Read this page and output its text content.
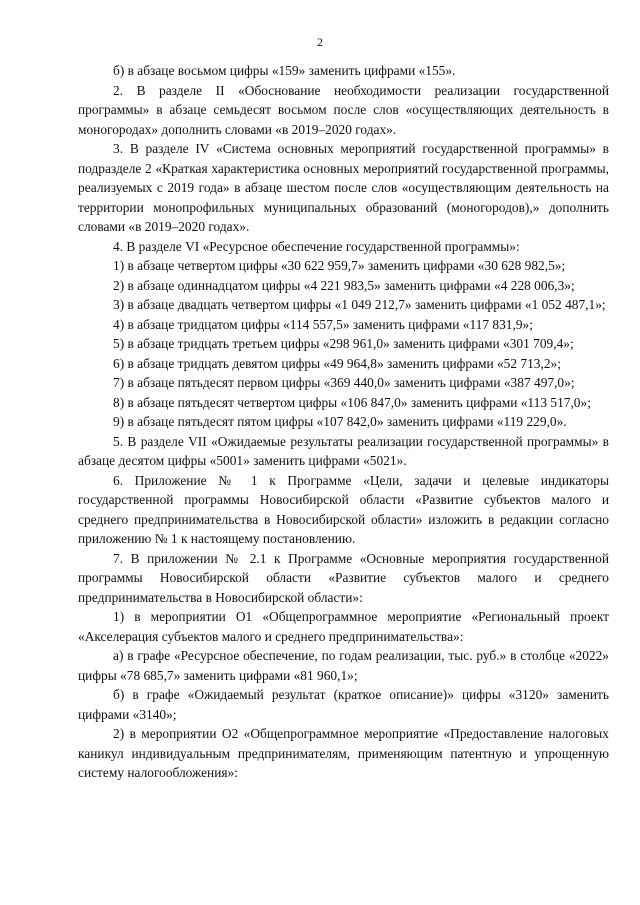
2

б) в абзаце восьмом цифры «159» заменить цифрами «155».

2. В разделе II «Обоснование необходимости реализации государственной программы» в абзаце семьдесят восьмом после слов «осуществляющих деятельность в моногородах» дополнить словами «в 2019–2020 годах».

3. В разделе IV «Система основных мероприятий государственной программы» в подразделе 2 «Краткая характеристика основных мероприятий государственной программы, реализуемых с 2019 года» в абзаце шестом после слов «осуществляющим деятельность на территории монопрофильных муниципальных образований (моногородов),» дополнить словами «в 2019–2020 годах».

4. В разделе VI «Ресурсное обеспечение государственной программы»:

1) в абзаце четвертом цифры «30 622 959,7» заменить цифрами «30 628 982,5»;

2) в абзаце одиннадцатом цифры «4 221 983,5» заменить цифрами «4 228 006,3»;

3) в абзаце двадцать четвертом цифры «1 049 212,7» заменить цифрами «1 052 487,1»;

4) в абзаце тридцатом цифры «114 557,5» заменить цифрами «117 831,9»;

5) в абзаце тридцать третьем цифры «298 961,0» заменить цифрами «301 709,4»;

6) в абзаце тридцать девятом цифры «49 964,8» заменить цифрами «52 713,2»;

7) в абзаце пятьдесят первом цифры «369 440,0» заменить цифрами «387 497,0»;

8) в абзаце пятьдесят четвертом цифры «106 847,0» заменить цифрами «113 517,0»;

9) в абзаце пятьдесят пятом цифры «107 842,0» заменить цифрами «119 229,0».

5. В разделе VII «Ожидаемые результаты реализации государственной программы» в абзаце десятом цифры «5001» заменить цифрами «5021».

6. Приложение № 1 к Программе «Цели, задачи и целевые индикаторы государственной программы Новосибирской области «Развитие субъектов малого и среднего предпринимательства в Новосибирской области» изложить в редакции согласно приложению № 1 к настоящему постановлению.

7. В приложении № 2.1 к Программе «Основные мероприятия государственной программы Новосибирской области «Развитие субъектов малого и среднего предпринимательства в Новосибирской области»:

1) в мероприятии О1 «Общепрограммное мероприятие «Региональный проект «Акселерация субъектов малого и среднего предпринимательства»:

а) в графе «Ресурсное обеспечение, по годам реализации, тыс. руб.» в столбце «2022» цифры «78 685,7» заменить цифрами «81 960,1»;

б) в графе «Ожидаемый результат (краткое описание)» цифры «3120» заменить цифрами «3140»;

2) в мероприятии О2 «Общепрограммное мероприятие «Предоставление налоговых каникул индивидуальным предпринимателям, применяющим патентную и упрощенную систему налогообложения»:
